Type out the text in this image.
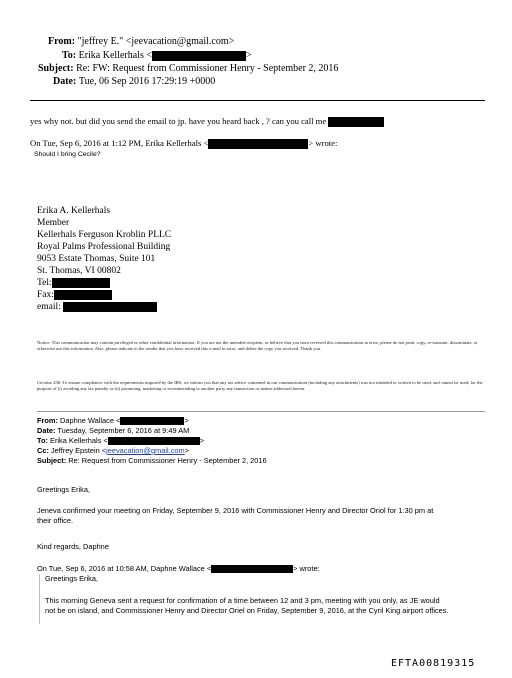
From: "jeffrey E." <jeevacation@gmail.com>
To: Erika Kellerhals <	>
Subject: Re: FW: Request from Commissioner Henry - September 2, 2016
Date: Tue, 06 Sep 2016 17:29:19 +0000
yes why not. but did you send the email to jp. have you heard back , ? can you call me
On Tue, Sep 6, 2016 at 1:12 PM, Erika Kellerhals <	> wrote:
Should I bring Cecile?
Erika A. Kellerhals
Member
Kellerhals Ferguson Kroblin PLLC
Royal Palms Professional Building
9053 Estate Thomas, Suite 101
St. Thomas, VI 00802
Tel:
Fax:
email:
Notice: This communication may contain privileged or other confidential information. If you are not the intended recipient, or believe that you have received this communication in error, please do not print, copy, re-transmit, disseminate, or otherwise use this information. Also, please indicate to the sender that you have received this e-mail in error, and delete the copy you received. Thank you.
Circular 230: To ensure compliance with the requirements imposed by the IRS, we inform you that any tax advice contained in our communication (including any attachments) was not intended or written to be used, and cannot be used, for the purpose of (i) avoiding any tax penalty or (ii) promoting, marketing or recommending to another party any transaction or matter addressed herein.
From: Daphne Wallace <	>
Date: Tuesday, September 6, 2016 at 9:49 AM
To: Erika Kellerhals <	>
Cc: Jeffrey Epstein <jeevacation@gmail.com>
Subject: Re: Request from Commissioner Henry - September 2, 2016
Greetings Erika,
Jeneva confirmed your meeting on Friday, September 9, 2016 with Commissioner Henry and Director Oriol for 1:30 pm at
their office.
Kind regards, Daphne
On Tue, Sep 6, 2016 at 10:58 AM, Daphne Wallace <	> wrote:
Greetings Erika,
This morning Geneva sent a request for confirmation of a time between 12 and 3 pm, meeting with you only, as JE would
not be on island, and Commissioner Henry and Director Oriel on Friday, September 9, 2016, at the Cyril King airport offices.
EFTA00819315
